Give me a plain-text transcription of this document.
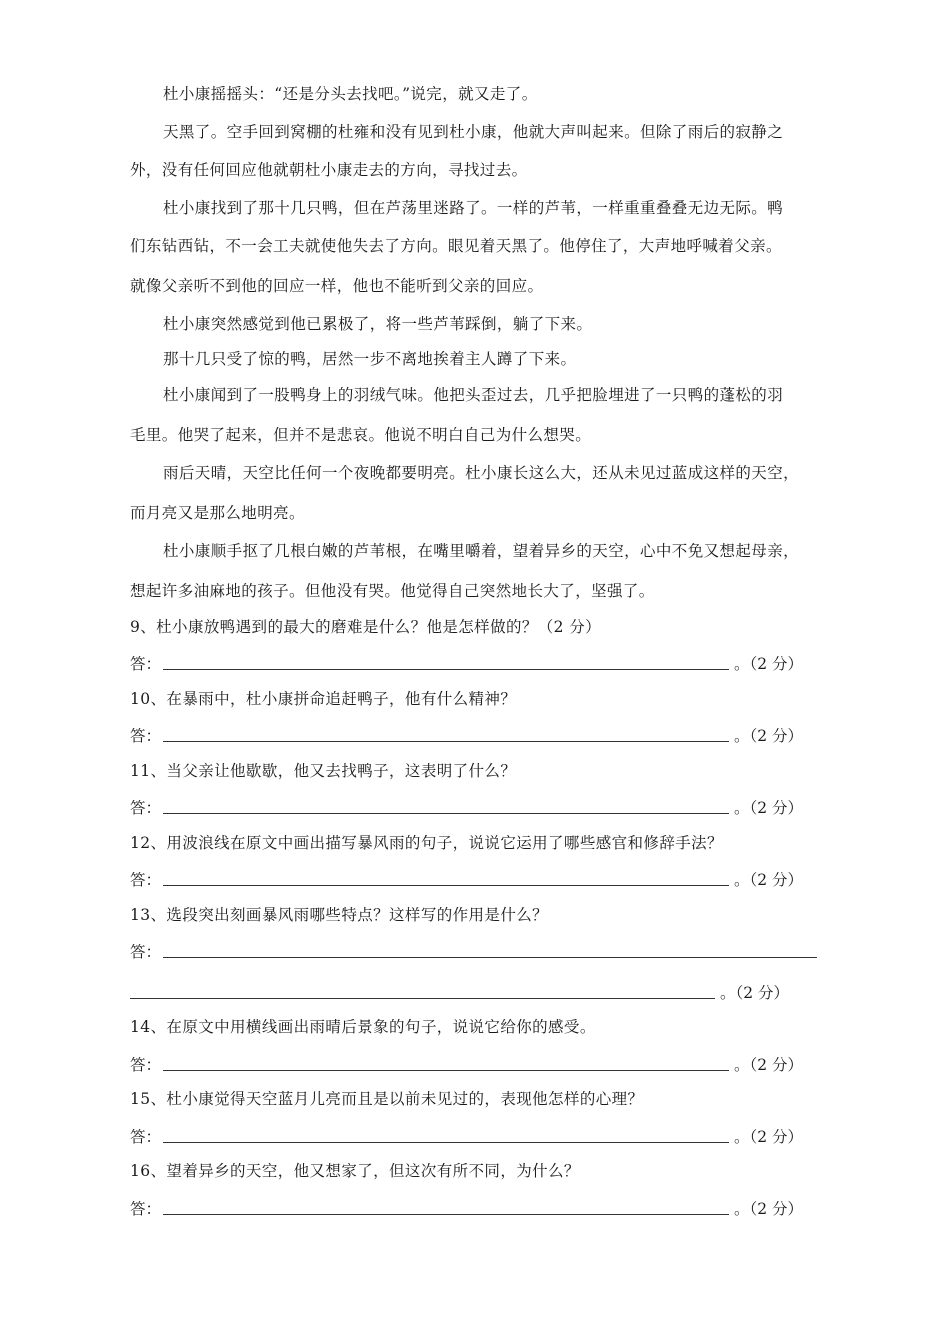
杜小康摇摇头：“还是分头去找吧。”说完，就又走了。
天黑了。空手回到窝棚的杜雍和没有见到杜小康，他就大声叫起来。但除了雨后的寂静之
外，没有任何回应他就朝杜小康走去的方向，寻找过去。
杜小康找到了那十几只鸭，但在芦荡里迷路了。一样的芦苇，一样重重叠叠无边无际。鸭
们东钻西钻，不一会工夫就使他失去了方向。眼见着天黑了。他停住了，大声地呼喊着父亲。
就像父亲听不到他的回应一样，他也不能听到父亲的回应。
杜小康突然感觉到他已累极了，将一些芦苇踩倒，躺了下来。
那十几只受了惊的鸭，居然一步不离地挨着主人蹲了下来。
杜小康闻到了一股鸭身上的羽绒气味。他把头歪过去，几乎把脸埋进了一只鸭的蓬松的羽
毛里。他哭了起来，但并不是悲哀。他说不明白自己为什么想哭。
雨后天晴，天空比任何一个夜晚都要明亮。杜小康长这么大，还从未见过蓝成这样的天空，
而月亮又是那么地明亮。
杜小康顺手抠了几根白嫩的芦苇根，在嘴里嚼着，望着异乡的天空，心中不免又想起母亲，
想起许多油麻地的孩子。但他没有哭。他觉得自己突然地长大了，坚强了。
9、杜小康放鸭遇到的最大的磨难是什么？他是怎样做的？（2 分）
答：	。（2 分）
10、在暴雨中，杜小康拼命追赶鸭子，他有什么精神？
答：	。（2 分）
11、当父亲让他歇歇，他又去找鸭子，这表明了什么？
答：	。（2 分）
12、用波浪线在原文中画出描写暴风雨的句子，说说它运用了哪些感官和修辞手法？
答：	。（2 分）
13、选段突出刻画暴风雨哪些特点？这样写的作用是什么？
答：
。（2 分）
14、在原文中用横线画出雨晴后景象的句子，说说它给你的感受。
答：	。（2 分）
15、杜小康觉得天空蓝月儿亮而且是以前未见过的，表现他怎样的心理？
答：	。（2 分）
16、望着异乡的天空，他又想家了，但这次有所不同，为什么？
答：	。（2 分）
